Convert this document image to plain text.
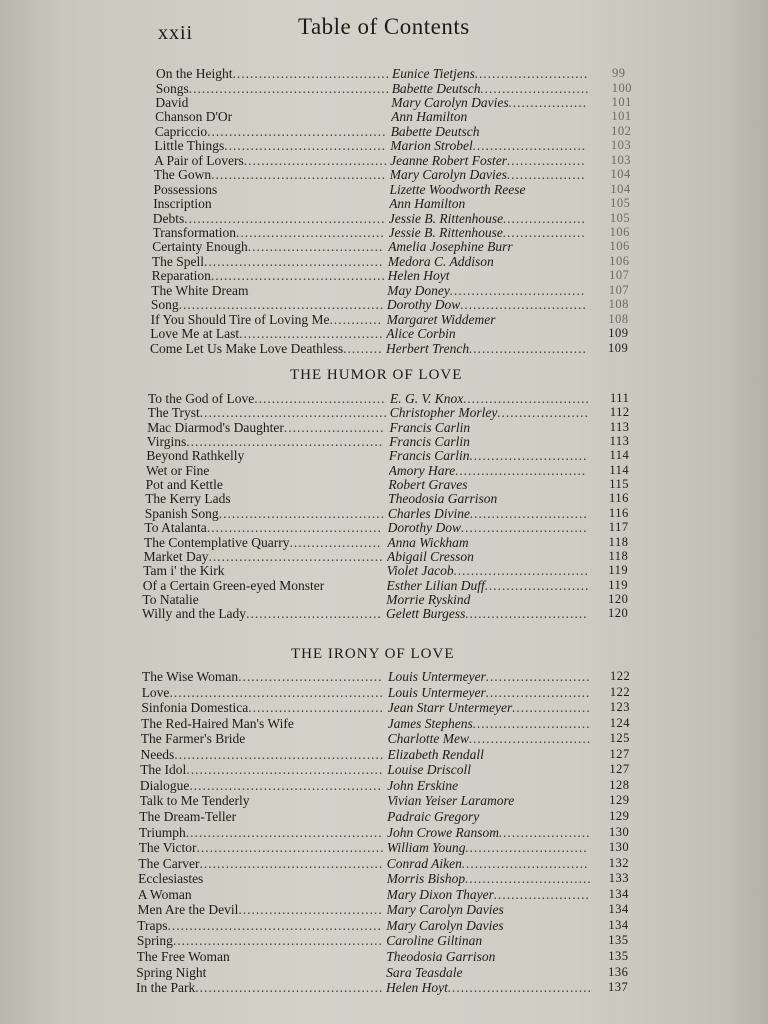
xxii	Table of Contents
On the Height.................................... Eunice Tietjens.......................... 99
Songs.............................................. Babette Deutsch......................... 100
David	Mary Carolyn Davies.................. 101
Chanson D'Or	Ann Hamilton	101
Capriccio......................................... Babette Deutsch	102
Little Things..................................... Marion Strobel.......................... 103
A Pair of Lovers................................. Jeanne Robert Foster.................. 103
The Gown........................................ Mary Carolyn Davies.................. 104
Possessions	Lizette Woodworth Reese	104
Inscription	Ann Hamilton	105
Debts.............................................. Jessie B. Rittenhouse................... 105
Transformation.................................. Jessie B. Rittenhouse................... 106
Certainty Enough............................... Amelia Josephine Burr	106
The Spell......................................... Medora C. Addison	106
Reparation........................................ Helen Hoyt	107
The White Dream	May Doney............................... 107
Song............................................... Dorothy Dow............................. 108
If You Should Tire of Loving Me............ Margaret Widdemer	108
Love Me at Last................................. Alice Corbin	109
Come Let Us Make Love Deathless......... Herbert Trench........................... 109
THE HUMOR OF LOVE
To the God of Love.............................. E. G. V. Knox............................. 111
The Tryst........................................... Christopher Morley..................... 112
Mac Diarmod's Daughter....................... Francis Carlin	113
Virgins............................................. Francis Carlin	113
Beyond Rathkelly	Francis Carlin........................... 114
Wet or Fine	Amory Hare.............................. 114
Pot and Kettle	Robert Graves	115
The Kerry Lads	Theodosia Garrison	116
Spanish Song...................................... Charles Divine........................... 116
To Atalanta........................................ Dorothy Dow............................. 117
The Contemplative Quarry..................... Anna Wickham	118
Market Day........................................ Abigail Cresson	118
Tam i' the Kirk	Violet Jacob............................... 119
Of a Certain Green-eyed Monster	Esther Lilian Duff........................ 119
To Natalie	Morrie Ryskind	120
Willy and the Lady............................... Gelett Burgess............................ 120
THE IRONY OF LOVE
The Wise Woman................................. Louis Untermeyer........................ 122
Love................................................. Louis Untermeyer........................ 122
Sinfonia Domestica............................... Jean Starr Untermeyer.................. 123
The Red-Haired Man's Wife	James Stephens........................... 124
The Farmer's Bride	Charlotte Mew............................ 125
Needs................................................ Elizabeth Rendall	127
The Idol............................................. Louise Driscoll	127
Dialogue............................................ John Erskine	128
Talk to Me Tenderly	Vivian Yeiser Laramore	129
The Dream-Teller	Padraic Gregory	129
Triumph............................................. John Crowe Ransom..................... 130
The Victor........................................... William Young............................	130
The Carver.......................................... Conrad Aiken............................. 132
Ecclesiastes	Morris Bishop............................. 133
A Woman	Mary Dixon Thayer...................... 134
Men Are the Devil................................. Mary Carolyn Davies	134
Traps................................................. Mary Carolyn Davies	134
Spring................................................ Caroline Giltinan	135
The Free Woman	Theodosia Garrison	135
Spring Night	Sara Teasdale	136
In the Park........................................... Helen Hoyt................................. 137
